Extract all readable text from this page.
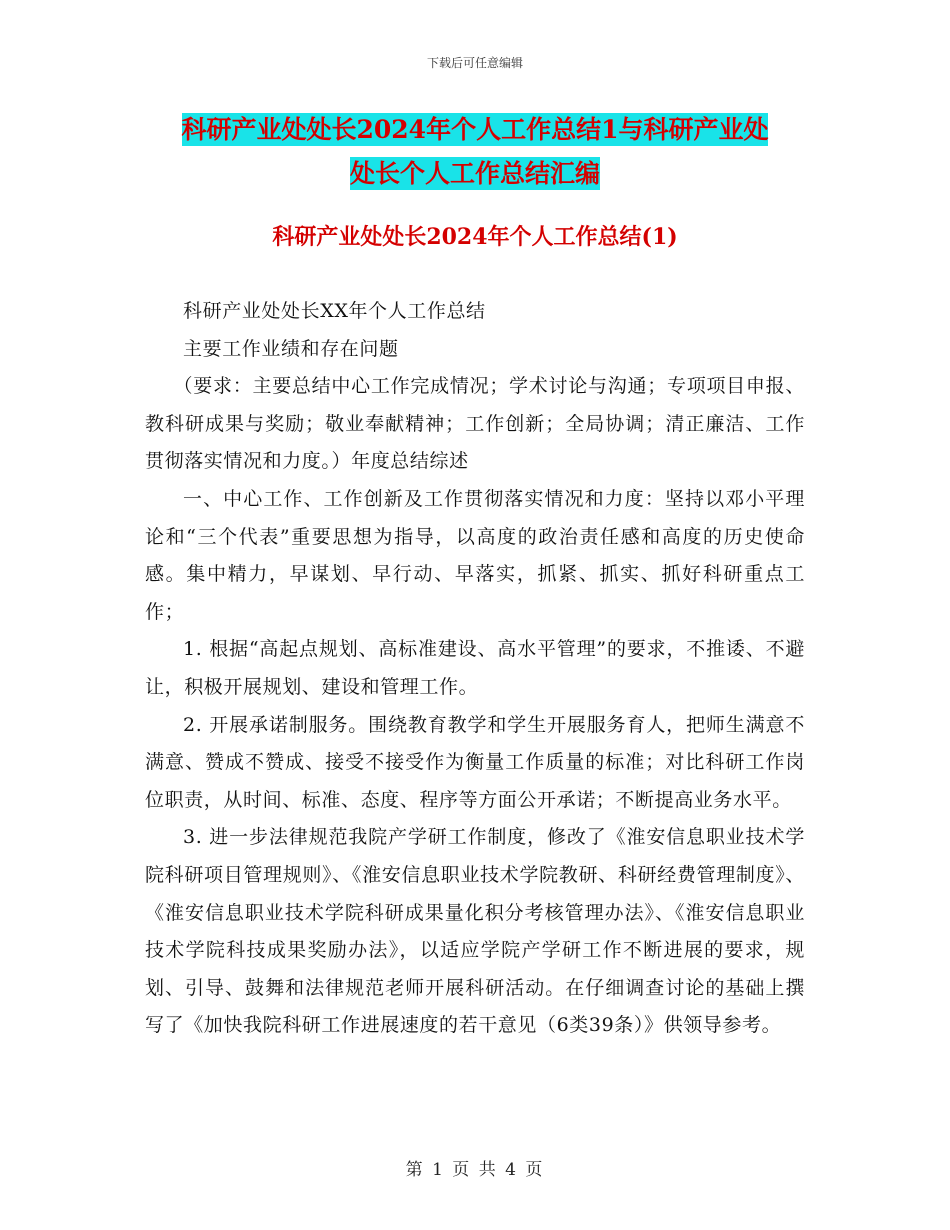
下载后可任意编辑
科研产业处处长2024年个人工作总结1与科研产业处
处长个人工作总结汇编
科研产业处处长2024年个人工作总结(1)

科研产业处处长XX年个人工作总结

主要工作业绩和存在问题

（要求：主要总结中心工作完成情况；学术讨论与沟通；专项项目申报、教科研成果与奖励；敬业奉献精神；工作创新；全局协调；清正廉洁、工作贯彻落实情况和力度。）年度总结综述

一、中心工作、工作创新及工作贯彻落实情况和力度：坚持以邓小平理论和“三个代表”重要思想为指导，以高度的政治责任感和高度的历史使命感。集中精力，早谋划、早行动、早落实，抓紧、抓实、抓好科研重点工作；

1. 根据“高起点规划、高标准建设、高水平管理”的要求，不推诿、不避让，积极开展规划、建设和管理工作。

2. 开展承诺制服务。围绕教育教学和学生开展服务育人，把师生满意不满意、赞成不赞成、接受不接受作为衡量工作质量的标准；对比科研工作岗位职责，从时间、标准、态度、程序等方面公开承诺；不断提高业务水平。

3. 进一步法律规范我院产学研工作制度，修改了《淮安信息职业技术学院科研项目管理规则》、《淮安信息职业技术学院教研、科研经费管理制度》、《淮安信息职业技术学院科研成果量化积分考核管理办法》、《淮安信息职业技术学院科技成果奖励办法》，以适应学院产学研工作不断进展的要求，规划、引导、鼓舞和法律规范老师开展科研活动。在仔细调查讨论的基础上撰写了《加快我院科研工作进展速度的若干意见（6类39条）》供领导参考。

第 1 页 共 4 页
